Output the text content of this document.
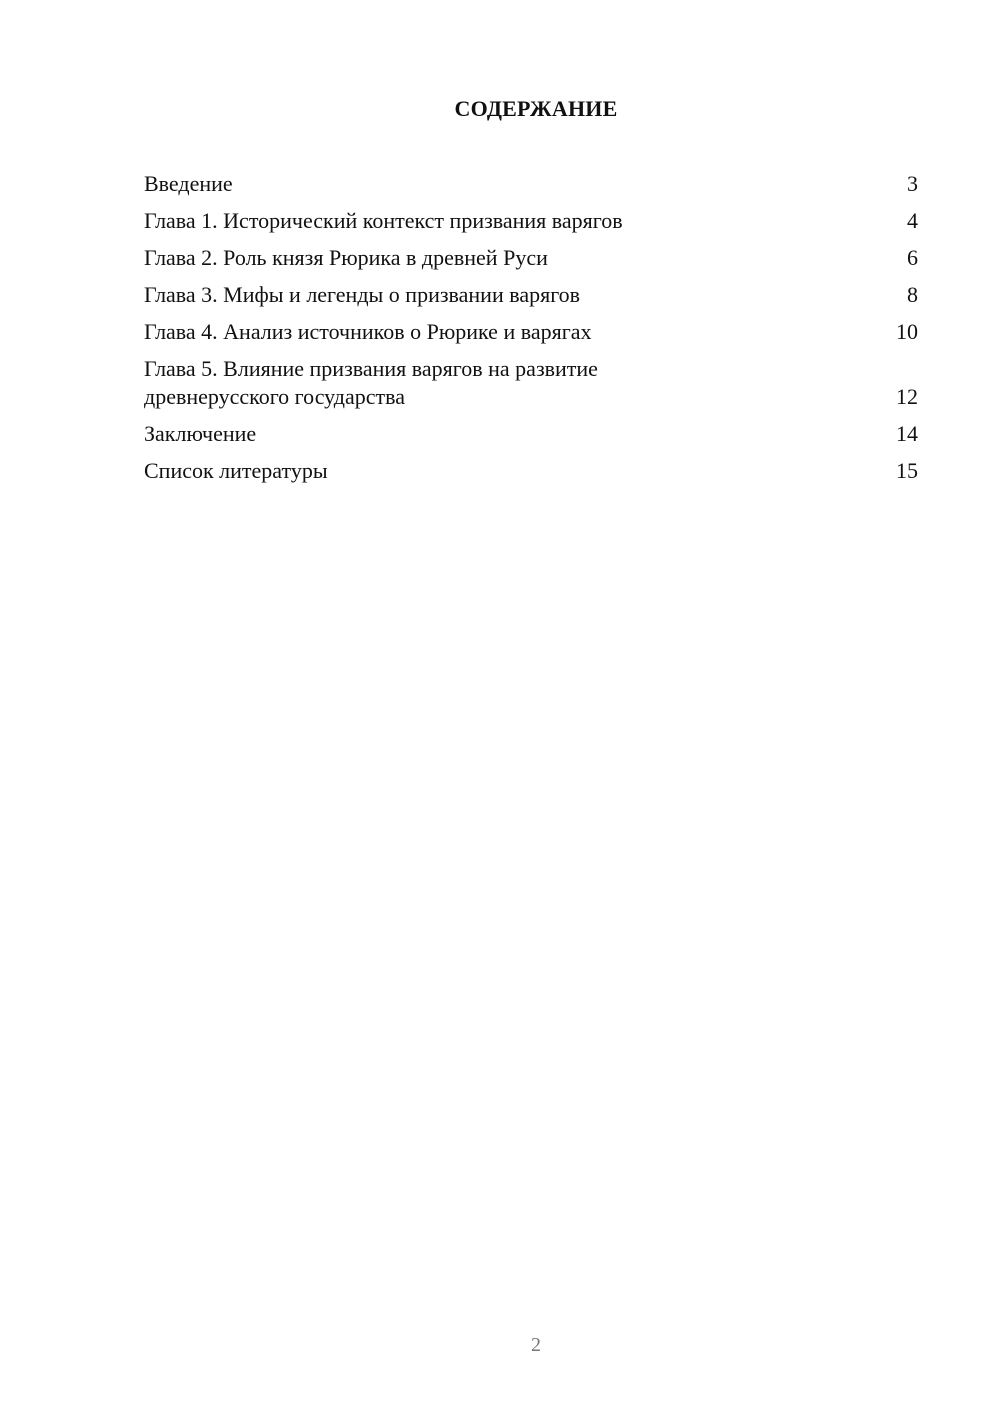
СОДЕРЖАНИЕ
Введение	3
Глава 1. Исторический контекст призвания варягов	4
Глава 2. Роль князя Рюрика в древней Руси	6
Глава 3. Мифы и легенды о призвании варягов	8
Глава 4. Анализ источников о Рюрике и варягах	10
Глава 5. Влияние призвания варягов на развитие древнерусского государства	12
Заключение	14
Список литературы	15
2
